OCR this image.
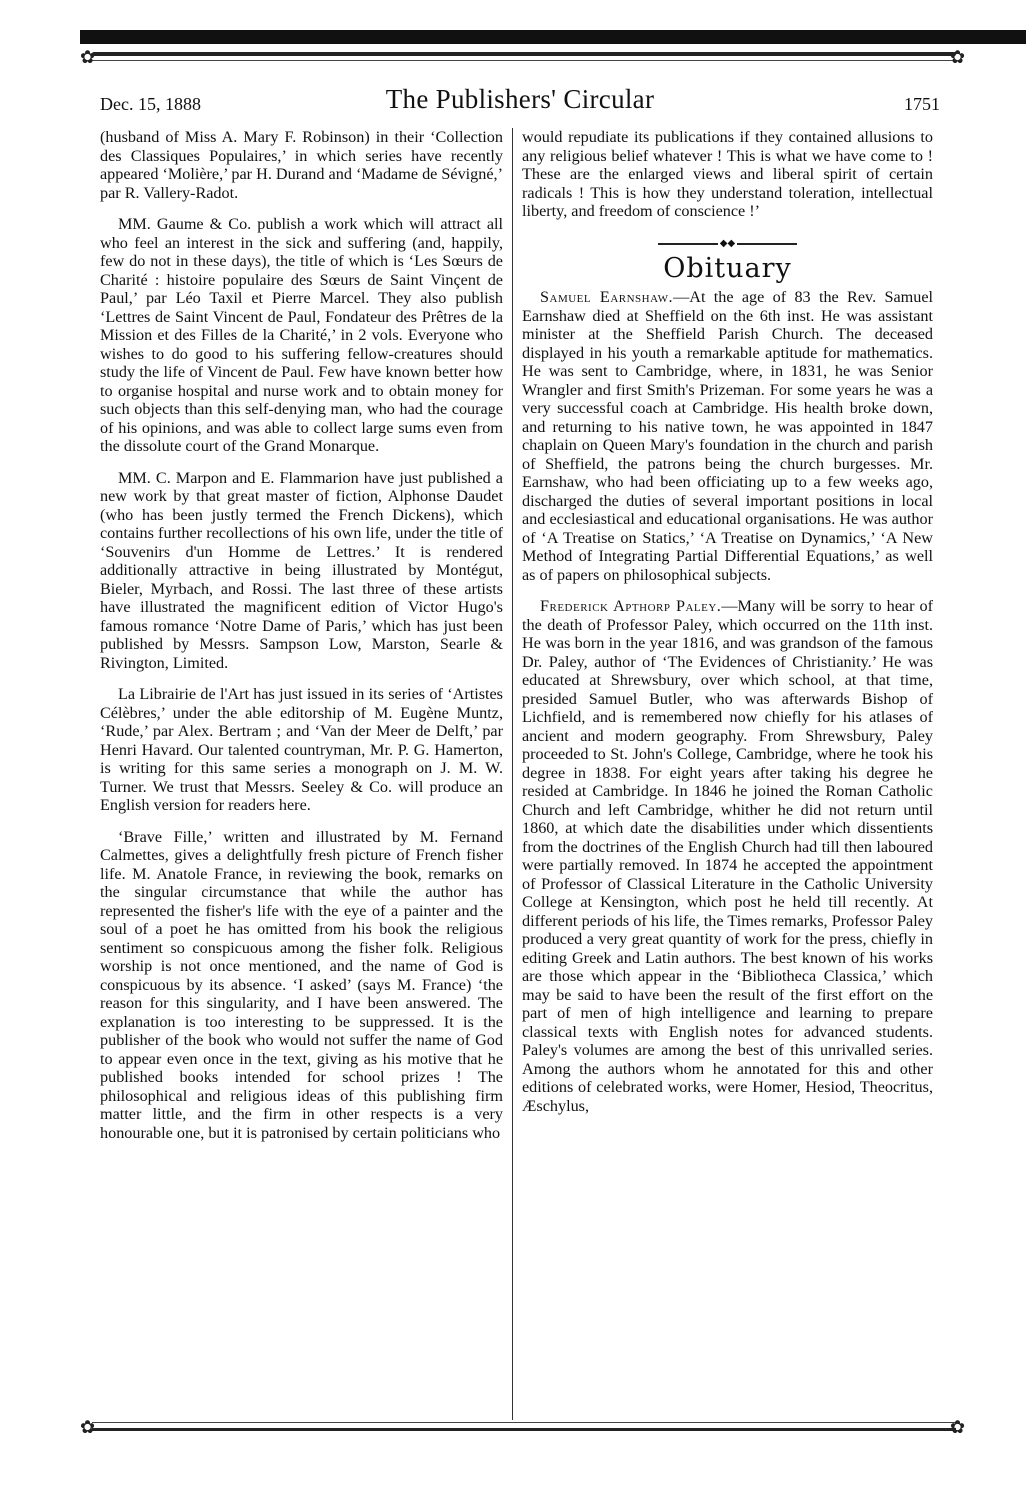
✿	✿
Dec. 15, 1888	The Publishers' Circular	1751

(husband of Miss A. Mary F. Robinson) in their ‘Collection des Classiques Populaires,’ in which series have recently appeared ‘Molière,’ par H. Durand and ‘Madame de Sévigné,’ par R. Vallery-Radot.

MM. Gaume & Co. publish a work which will attract all who feel an interest in the sick and suffering (and, happily, few do not in these days), the title of which is ‘Les Sœurs de Charité : histoire populaire des Sœurs de Saint Vinçent de Paul,’ par Léo Taxil et Pierre Marcel. They also publish ‘Lettres de Saint Vincent de Paul, Fondateur des Prêtres de la Mission et des Filles de la Charité,’ in 2 vols. Everyone who wishes to do good to his suffering fellow-creatures should study the life of Vincent de Paul. Few have known better how to organise hospital and nurse work and to obtain money for such objects than this self-denying man, who had the courage of his opinions, and was able to collect large sums even from the dissolute court of the Grand Monarque.

MM. C. Marpon and E. Flammarion have just published a new work by that great master of fiction, Alphonse Daudet (who has been justly termed the French Dickens), which contains further recollections of his own life, under the title of ‘Souvenirs d'un Homme de Lettres.’ It is rendered additionally attractive in being illustrated by Montégut, Bieler, Myrbach, and Rossi. The last three of these artists have illustrated the magnificent edition of Victor Hugo's famous romance ‘Notre Dame of Paris,’ which has just been published by Messrs. Sampson Low, Marston, Searle & Rivington, Limited.

La Librairie de l'Art has just issued in its series of ‘Artistes Célèbres,’ under the able editorship of M. Eugène Muntz, ‘Rude,’ par Alex. Bertram ; and ‘Van der Meer de Delft,’ par Henri Havard. Our talented countryman, Mr. P. G. Hamerton, is writing for this same series a monograph on J. M. W. Turner. We trust that Messrs. Seeley & Co. will produce an English version for readers here.

‘Brave Fille,’ written and illustrated by M. Fernand Calmettes, gives a delightfully fresh picture of French fisher life. M. Anatole France, in reviewing the book, remarks on the singular circumstance that while the author has represented the fisher's life with the eye of a painter and the soul of a poet he has omitted from his book the religious sentiment so conspicuous among the fisher folk. Religious worship is not once mentioned, and the name of God is conspicuous by its absence. ‘I asked’ (says M. France) ‘the reason for this singularity, and I have been answered. The explanation is too interesting to be suppressed. It is the publisher of the book who would not suffer the name of God to appear even once in the text, giving as his motive that he published books intended for school prizes ! The philosophical and religious ideas of this publishing firm matter little, and the firm in other respects is a very honourable one, but it is patronised by certain politicians who

would repudiate its publications if they contained allusions to any religious belief whatever ! This is what we have come to ! These are the enlarged views and liberal spirit of certain radicals ! This is how they understand toleration, intellectual liberty, and freedom of conscience !’

◆◆
Obituary

Samuel Earnshaw.—At the age of 83 the Rev. Samuel Earnshaw died at Sheffield on the 6th inst. He was assistant minister at the Sheffield Parish Church. The deceased displayed in his youth a remarkable aptitude for mathematics. He was sent to Cambridge, where, in 1831, he was Senior Wrangler and first Smith's Prizeman. For some years he was a very successful coach at Cambridge. His health broke down, and returning to his native town, he was appointed in 1847 chaplain on Queen Mary's foundation in the church and parish of Sheffield, the patrons being the church burgesses. Mr. Earnshaw, who had been officiating up to a few weeks ago, discharged the duties of several important positions in local and ecclesiastical and educational organisations. He was author of ‘A Treatise on Statics,’ ‘A Treatise on Dynamics,’ ‘A New Method of Integrating Partial Differential Equations,’ as well as of papers on philosophical subjects.

Frederick Apthorp Paley.—Many will be sorry to hear of the death of Professor Paley, which occurred on the 11th inst. He was born in the year 1816, and was grandson of the famous Dr. Paley, author of ‘The Evidences of Christianity.’ He was educated at Shrewsbury, over which school, at that time, presided Samuel Butler, who was afterwards Bishop of Lichfield, and is remembered now chiefly for his atlases of ancient and modern geography. From Shrewsbury, Paley proceeded to St. John's College, Cambridge, where he took his degree in 1838. For eight years after taking his degree he resided at Cambridge. In 1846 he joined the Roman Catholic Church and left Cambridge, whither he did not return until 1860, at which date the disabilities under which dissentients from the doctrines of the English Church had till then laboured were partially removed. In 1874 he accepted the appointment of Professor of Classical Literature in the Catholic University College at Kensington, which post he held till recently. At different periods of his life, the Times remarks, Professor Paley produced a very great quantity of work for the press, chiefly in editing Greek and Latin authors. The best known of his works are those which appear in the ‘Bibliotheca Classica,’ which may be said to have been the result of the first effort on the part of men of high intelligence and learning to prepare classical texts with English notes for advanced students. Paley's volumes are among the best of this unrivalled series. Among the authors whom he annotated for this and other editions of celebrated works, were Homer, Hesiod, Theocritus, Æschylus,

✿	✿
